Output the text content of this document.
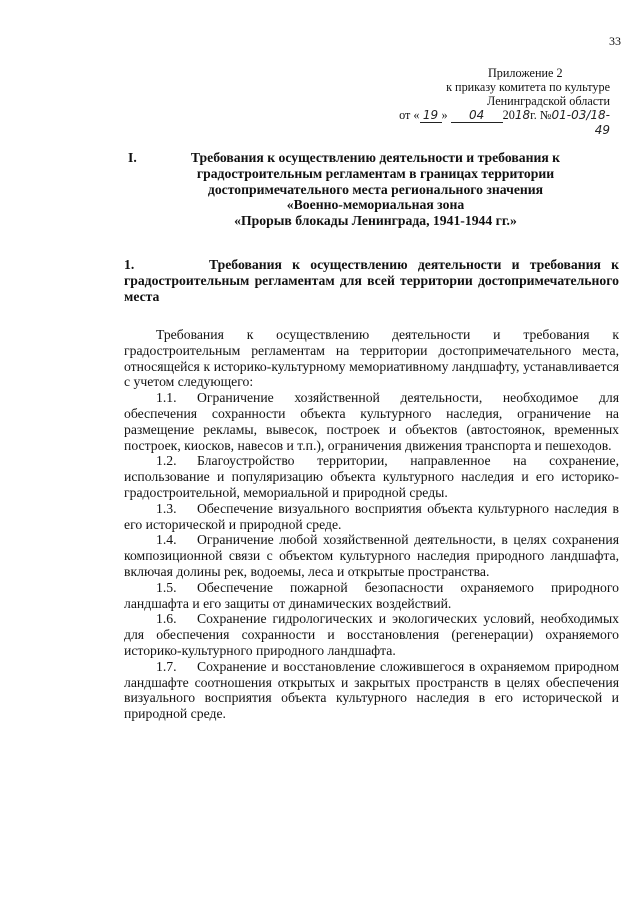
33
Приложение 2
к приказу комитета по культуре
Ленинградской области
от « 19 » 04 2018г. №01-03/18-49
I.	Требования к осуществлению деятельности и требования к
градостроительным регламентам в границах территории
достопримечательного места регионального значения
«Военно-мемориальная зона
«Прорыв блокады Ленинграда, 1941-1944 гг.»
1.	Требования к осуществлению деятельности и требования к градостроительным регламентам для всей территории достопримечательного места

Требования к осуществлению деятельности и требования к градостроительным регламентам на территории достопримечательного места, относящейся к историко-культурному мемориативному ландшафту, устанавливается с учетом следующего:

1.1. Ограничение хозяйственной деятельности, необходимое для обеспечения сохранности объекта культурного наследия, ограничение на размещение рекламы, вывесок, построек и объектов (автостоянок, временных построек, киосков, навесов и т.п.), ограничения движения транспорта и пешеходов.

1.2. Благоустройство территории, направленное на сохранение, использование и популяризацию объекта культурного наследия и его историко-градостроительной, мемориальной и природной среды.

1.3. Обеспечение визуального восприятия объекта культурного наследия в его исторической и природной среде.

1.4. Ограничение любой хозяйственной деятельности, в целях сохранения композиционной связи с объектом культурного наследия природного ландшафта, включая долины рек, водоемы, леса и открытые пространства.

1.5. Обеспечение пожарной безопасности охраняемого природного ландшафта и его защиты от динамических воздействий.

1.6. Сохранение гидрологических и экологических условий, необходимых для обеспечения сохранности и восстановления (регенерации) охраняемого историко-культурного природного ландшафта.

1.7. Сохранение и восстановление сложившегося в охраняемом природном ландшафте соотношения открытых и закрытых пространств в целях обеспечения визуального восприятия объекта культурного наследия в его исторической и природной среде.
